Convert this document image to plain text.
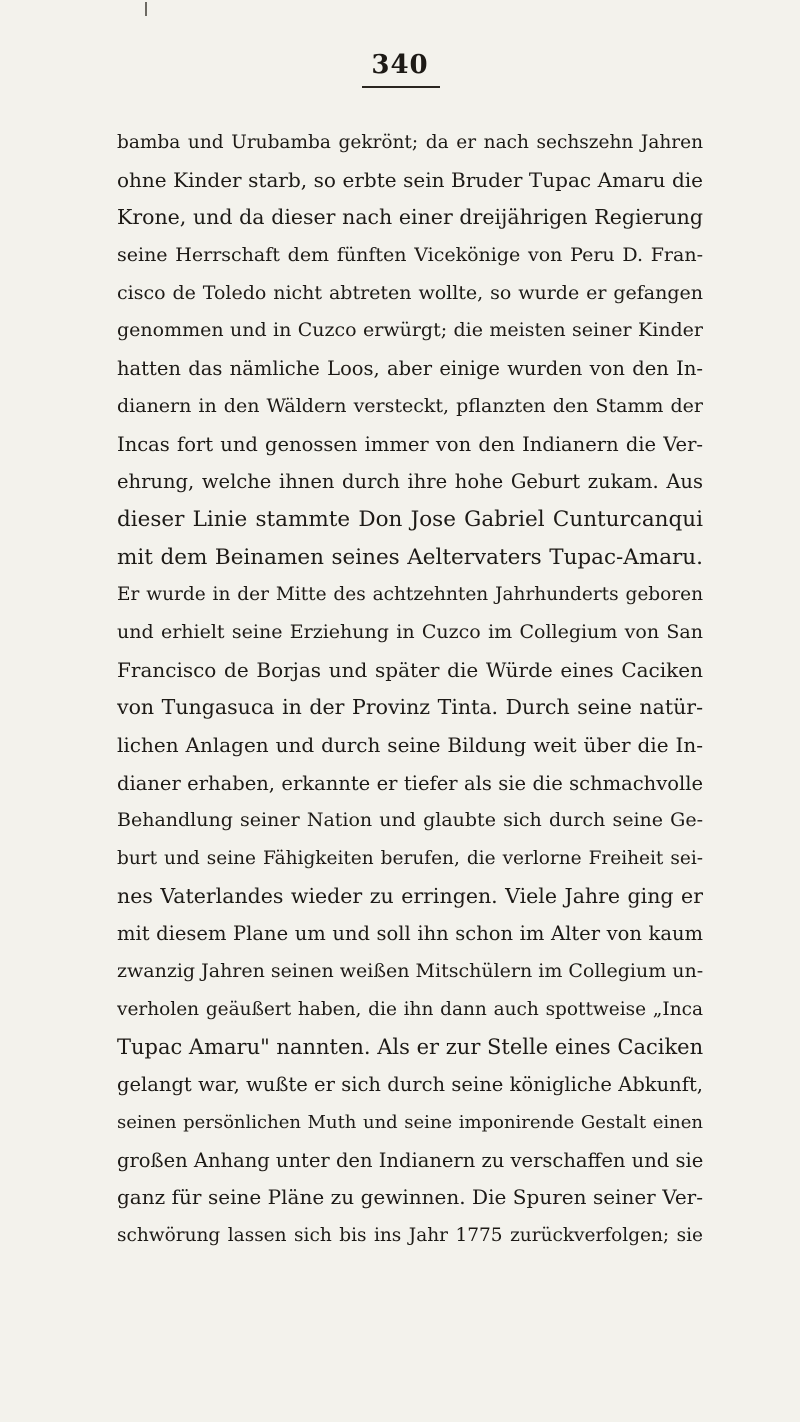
340
bamba und Urubamba gekrönt; da er nach sechszehn Jahren
ohne Kinder starb, so erbte sein Bruder Tupac Amaru die
Krone, und da dieser nach einer dreijährigen Regierung
seine Herrschaft dem fünften Vicekönige von Peru D. Fran-
cisco de Toledo nicht abtreten wollte, so wurde er gefangen
genommen und in Cuzco erwürgt; die meisten seiner Kinder
hatten das nämliche Loos, aber einige wurden von den In-
dianern in den Wäldern versteckt, pflanzten den Stamm der
Incas fort und genossen immer von den Indianern die Ver-
ehrung, welche ihnen durch ihre hohe Geburt zukam. Aus
dieser Linie stammte Don Jose Gabriel Cunturcanqui
mit dem Beinamen seines Aeltervaters Tupac-Amaru.
Er wurde in der Mitte des achtzehnten Jahrhunderts geboren
und erhielt seine Erziehung in Cuzco im Collegium von San
Francisco de Borjas und später die Würde eines Caciken
von Tungasuca in der Provinz Tinta. Durch seine natür-
lichen Anlagen und durch seine Bildung weit über die In-
dianer erhaben, erkannte er tiefer als sie die schmachvolle
Behandlung seiner Nation und glaubte sich durch seine Ge-
burt und seine Fähigkeiten berufen, die verlorne Freiheit sei-
nes Vaterlandes wieder zu erringen. Viele Jahre ging er
mit diesem Plane um und soll ihn schon im Alter von kaum
zwanzig Jahren seinen weißen Mitschülern im Collegium un-
verholen geäußert haben, die ihn dann auch spottweise „Inca
Tupac Amaru" nannten. Als er zur Stelle eines Caciken
gelangt war, wußte er sich durch seine königliche Abkunft,
seinen persönlichen Muth und seine imponirende Gestalt einen
großen Anhang unter den Indianern zu verschaffen und sie
ganz für seine Pläne zu gewinnen. Die Spuren seiner Ver-
schwörung lassen sich bis ins Jahr 1775 zurückverfolgen; sie
